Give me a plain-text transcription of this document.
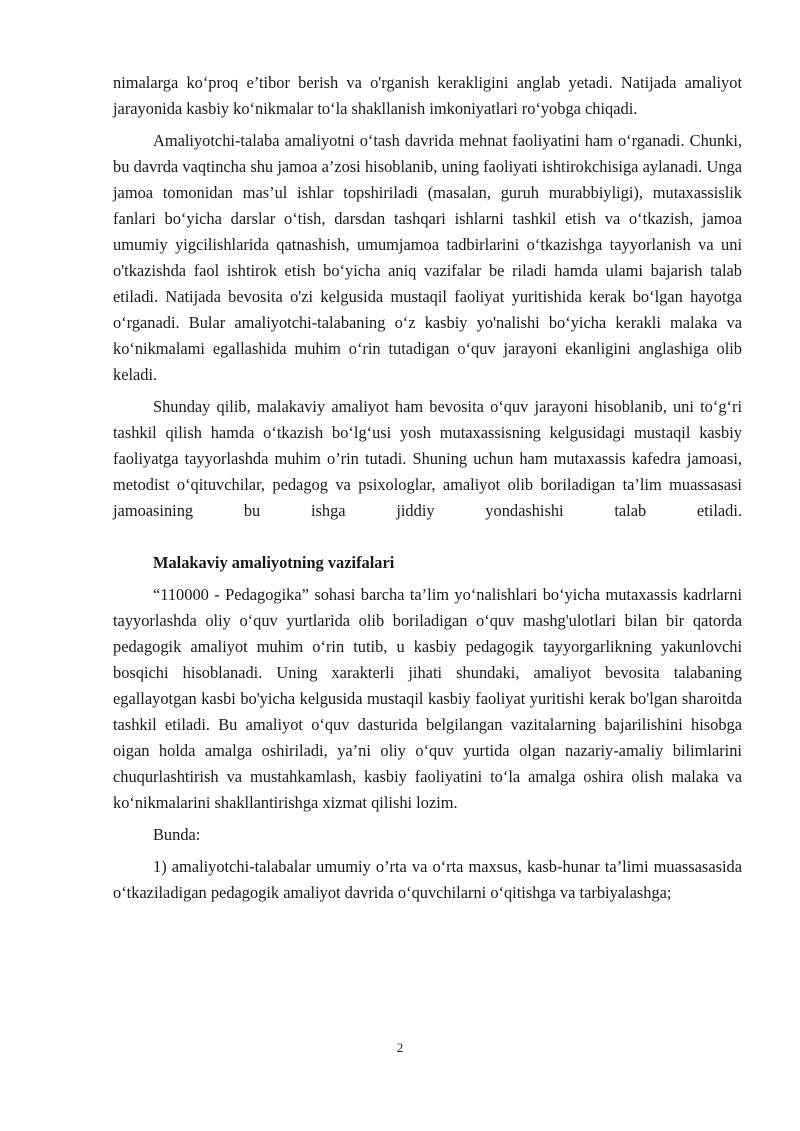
nimalarga ko‘proq e’tibor berish va o'rganish kerakligini anglab yetadi. Natijada amaliyot jarayonida kasbiy ko‘nikmalar to‘la shakllanish imkoniyatlari ro‘yobga chiqadi.

Amaliyotchi-talaba amaliyotni o‘tash davrida mehnat faoliyatini ham o‘rganadi. Chunki, bu davrda vaqtincha shu jamoa a’zosi hisoblanib, uning faoliyati ishtirokchisiga aylanadi. Unga jamoa tomonidan mas’ul ishlar topshiriladi (masalan, guruh murabbiyligi), mutaxassislik fanlari bo‘yicha darslar o‘tish, darsdan tashqari ishlarni tashkil etish va o‘tkazish, jamoa umumiy yigcilishlarida qatnashish, umumjamoa tadbirlarini o‘tkazishga tayyorlanish va uni o'tkazishda faol ishtirok etish bo‘yicha aniq vazifalar be riladi hamda ulami bajarish talab etiladi. Natijada bevosita o'zi kelgusida mustaqil faoliyat yuritishida kerak bo‘lgan hayotga o‘rganadi. Bular amaliyotchi-talabaning o‘z kasbiy yo'nalishi bo‘yicha kerakli malaka va ko‘nikmalami egallashida muhim o‘rin tutadigan o‘quv jarayoni ekanligini anglashiga olib keladi.

Shunday qilib, malakaviy amaliyot ham bevosita o‘quv jarayoni hisoblanib, uni to‘g‘ri tashkil qilish hamda o‘tkazish bo‘lg‘usi yosh mutaxassisning kelgusidagi mustaqil kasbiy faoliyatga tayyorlashda muhim o’rin tutadi. Shuning uchun ham mutaxassis kafedra jamoasi, metodist o‘qituvchilar, pedagog va psixologlar, amaliyot olib boriladigan ta’lim muassasasi jamoasining bu ishga jiddiy yondashishi talab etiladi.

Malakaviy amaliyotning vazifalari

“110000 - Pedagogika” sohasi barcha ta’lim yo‘nalishlari bo‘yicha mutaxassis kadrlarni tayyorlashda oliy o‘quv yurtlarida olib boriladigan o‘quv mashg'ulotlari bilan bir qatorda pedagogik amaliyot muhim o‘rin tutib, u kasbiy pedagogik tayyorgarlikning yakunlovchi bosqichi hisoblanadi. Uning xarakterli jihati shundaki, amaliyot bevosita talabaning egallayotgan kasbi bo'yicha kelgusida mustaqil kasbiy faoliyat yuritishi kerak bo'lgan sharoitda tashkil etiladi. Bu amaliyot o‘quv dasturida belgilangan vazitalarning bajarilishini hisobga oigan holda amalga oshiriladi, ya’ni oliy o‘quv yurtida olgan nazariy-amaliy bilimlarini chuqurlashtirish va mustahkamlash, kasbiy faoliyatini to‘la amalga oshira olish malaka va ko‘nikmalarini shakllantirishga xizmat qilishi lozim.

Bunda:

1) amaliyotchi-talabalar umumiy o’rta va o‘rta maxsus, kasb-hunar ta’limi muassasasida o‘tkaziladigan pedagogik amaliyot davrida o‘quvchilarni o‘qitishga va tarbiyalashga;

2
